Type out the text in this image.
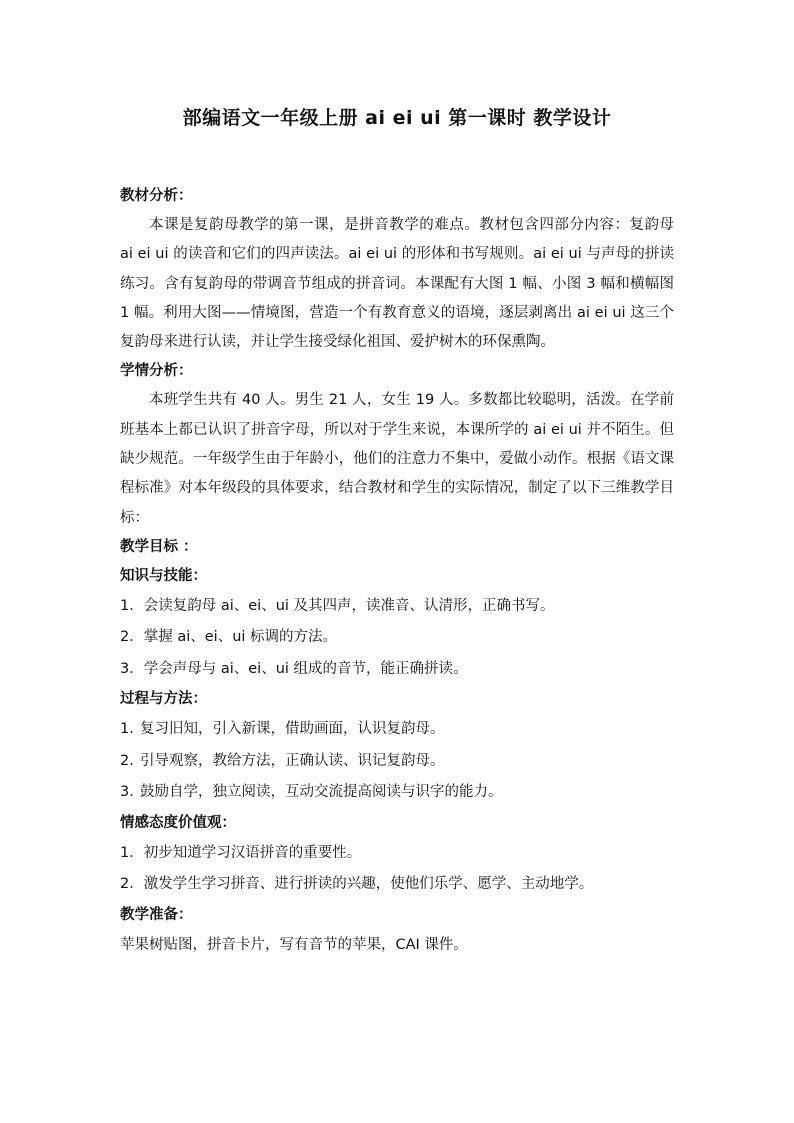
部编语文一年级上册 ai ei ui 第一课时 教学设计

教材分析：

本课是复韵母教学的第一课，是拼音教学的难点。教材包含四部分内容：复韵母 ai ei ui 的读音和它们的四声读法。ai ei ui 的形体和书写规则。ai ei ui 与声母的拼读练习。含有复韵母的带调音节组成的拼音词。本课配有大图 1 幅、小图 3 幅和横幅图 1 幅。利用大图——情境图，营造一个有教育意义的语境，逐层剥离出 ai ei ui 这三个复韵母来进行认读，并让学生接受绿化祖国、爱护树木的环保熏陶。

学情分析：

本班学生共有 40 人。男生 21 人，女生 19 人。多数都比较聪明，活泼。在学前班基本上都已认识了拼音字母，所以对于学生来说，本课所学的 ai ei ui 并不陌生。但缺少规范。一年级学生由于年龄小，他们的注意力不集中，爱做小动作。根据《语文课程标准》对本年级段的具体要求，结合教材和学生的实际情况，制定了以下三维教学目标：

教学目标 ：

知识与技能：

1．会读复韵母 ai、ei、ui 及其四声，读准音、认清形，正确书写。

2．掌握 ai、ei、ui 标调的方法。

3．学会声母与 ai、ei、ui 组成的音节，能正确拼读。

过程与方法：

1. 复习旧知，引入新课，借助画面，认识复韵母。

2. 引导观察，教给方法，正确认读、识记复韵母。

3. 鼓励自学，独立阅读，互动交流提高阅读与识字的能力。

情感态度价值观：

1．初步知道学习汉语拼音的重要性。

2．激发学生学习拼音、进行拼读的兴趣，使他们乐学、愿学、主动地学。

教学准备：

苹果树贴图，拼音卡片，写有音节的苹果，CAI 课件。
